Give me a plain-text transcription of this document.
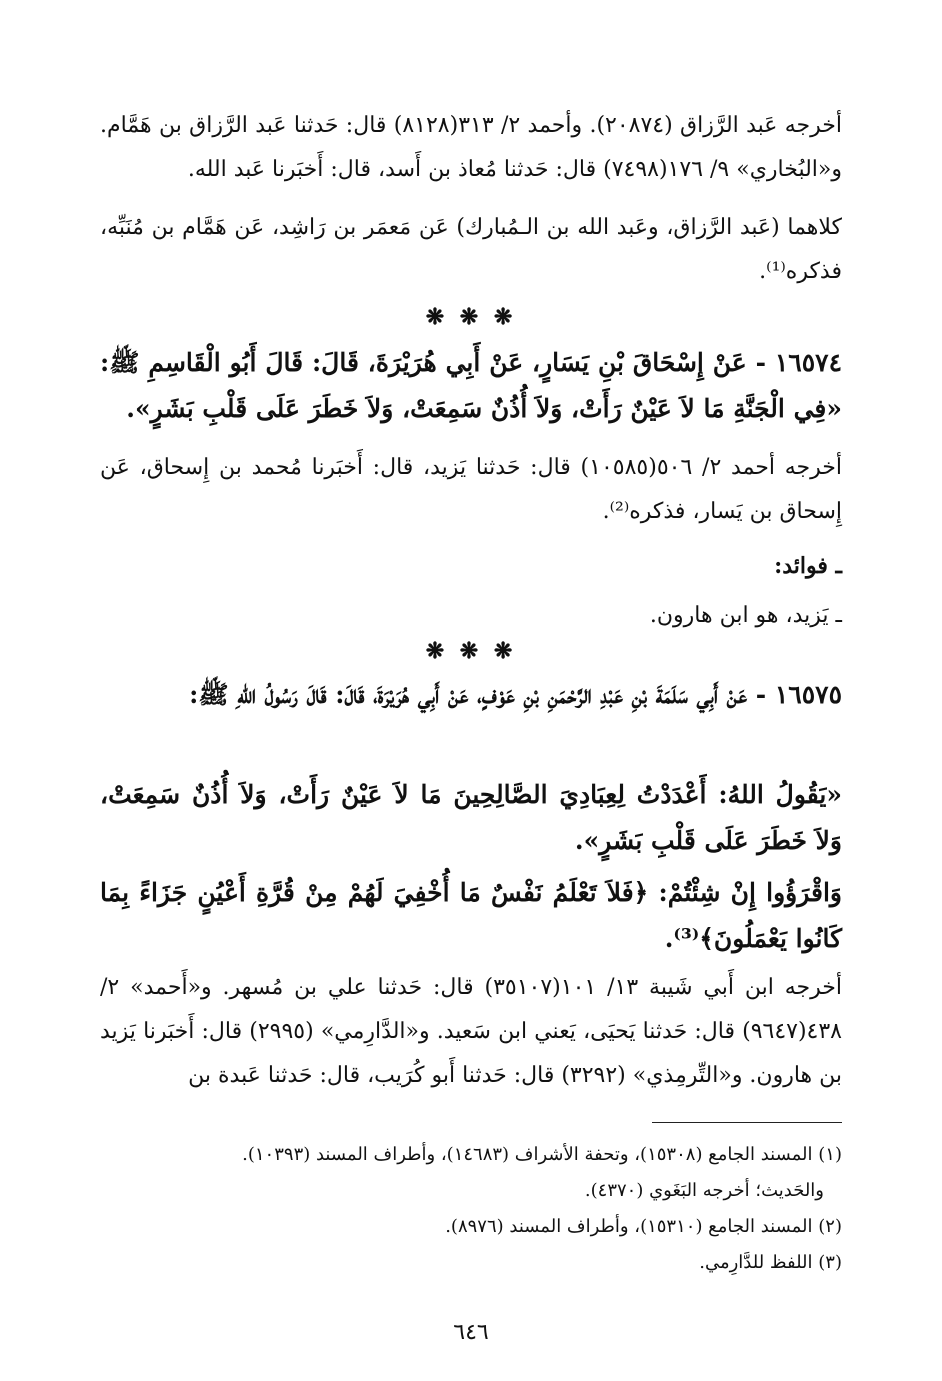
أخرجه عَبد الرَّزاق (٢٠٨٧٤). وأحمد ٢/ ٣١٣(٨١٢٨) قال: حَدثنا عَبد الرَّزاق بن هَمَّام. و«البُخاري» ٩/ ١٧٦(٧٤٩٨) قال: حَدثنا مُعاذ بن أَسد، قال: أَخبَرنا عَبد الله.

كلاهما (عَبد الرَّزاق، وعَبد الله بن الـمُبارك) عَن مَعمَر بن رَاشِد، عَن هَمَّام بن مُنَبِّه، فذكره⁽¹⁾.

❋ ❋ ❋

١٦٥٧٤ - عَنْ إِسْحَاقَ بْنِ يَسَارٍ، عَنْ أَبِي هُرَيْرَةَ، قَالَ: قَالَ أَبُو الْقَاسِمِ ﷺ: «فِي الْجَنَّةِ مَا لاَ عَيْنٌ رَأَتْ، وَلاَ أُذُنٌ سَمِعَتْ، وَلاَ خَطَرَ عَلَى قَلْبِ بَشَرٍ».

أخرجه أحمد ٢/ ٥٠٦(١٠٥٨٥) قال: حَدثنا يَزيد، قال: أَخبَرنا مُحمد بن إِسحاق، عَن إِسحاق بن يَسار، فذكره⁽²⁾.

ـ فوائد:

ـ يَزيد، هو ابن هارون.

❋ ❋ ❋

١٦٥٧٥ - عَنْ أَبِي سَلَمَةَ بْنِ عَبْدِ الرَّحْمَنِ بْنِ عَوْفٍ، عَنْ أَبِي هُرَيْرَةَ، قَالَ: قَالَ رَسُولُ اللهِ ﷺ:

«يَقُولُ اللهُ: أَعْدَدْتُ لِعِبَادِيَ الصَّالِحِينَ مَا لاَ عَيْنٌ رَأَتْ، وَلاَ أُذُنٌ سَمِعَتْ، وَلاَ خَطَرَ عَلَى قَلْبِ بَشَرٍ».

وَاقْرَؤُوا إِنْ شِئْتُمْ: ﴿فَلاَ تَعْلَمُ نَفْسٌ مَا أُخْفِيَ لَهُمْ مِنْ قُرَّةِ أَعْيُنٍ جَزَاءً بِمَا كَانُوا يَعْمَلُونَ﴾⁽³⁾.

أخرجه ابن أَبي شَيبة ١٣/ ١٠١(٣٥١٠٧) قال: حَدثنا علي بن مُسهر. و«أَحمد» ٢/ ٤٣٨(٩٦٤٧) قال: حَدثنا يَحيَى، يَعني ابن سَعيد. و«الدَّارِمي» (٢٩٩٥) قال: أَخبَرنا يَزيد بن هارون. و«التِّرمِذي» (٣٢٩٢) قال: حَدثنا أَبو كُرَيب، قال: حَدثنا عَبدة بن

(١) المسند الجامع (١٥٣٠٨)، وتحفة الأشراف (١٤٦٨٣)، وأطراف المسند (١٠٣٩٣).
والحَديث؛ أخرجه البَغَوي (٤٣٧٠).
(٢) المسند الجامع (١٥٣١٠)، وأطراف المسند (٨٩٧٦).
(٣) اللفظ للدَّارِمي.
٦٤٦
